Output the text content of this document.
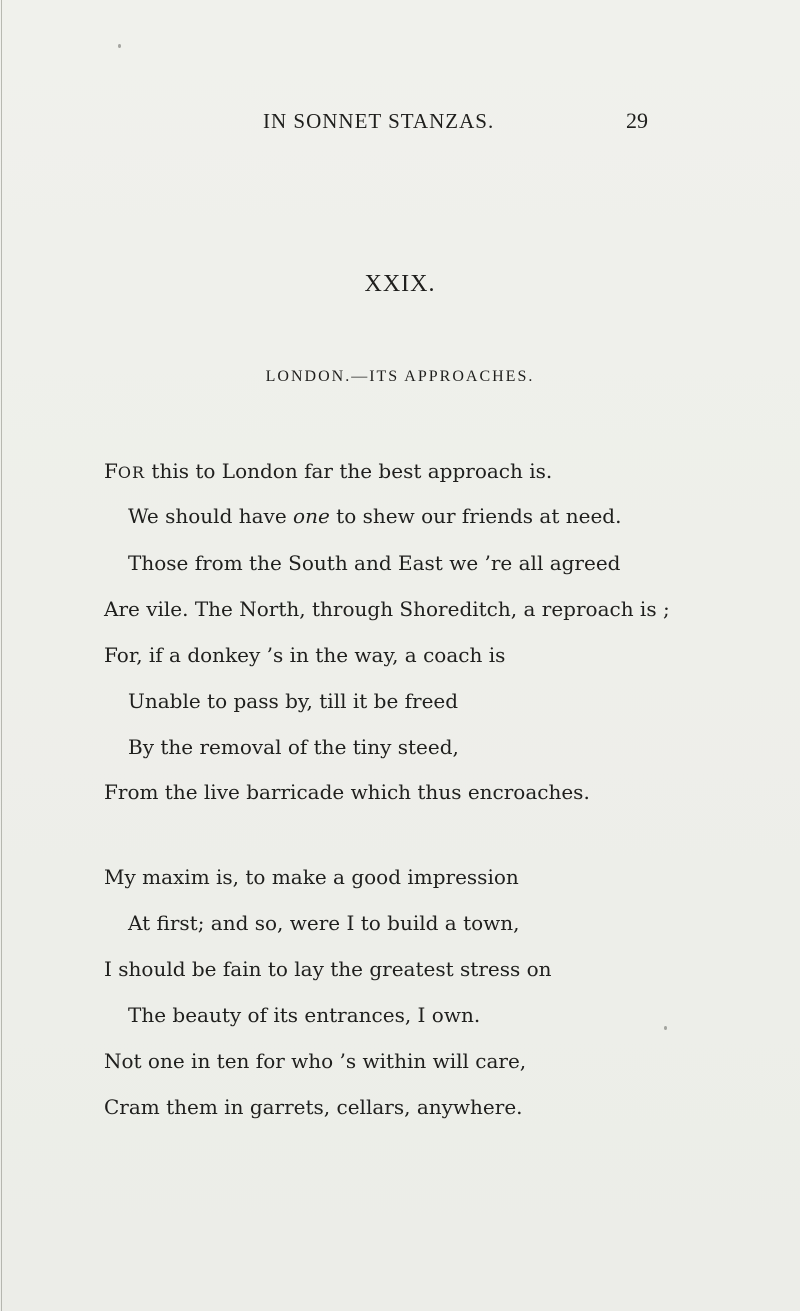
IN SONNET STANZAS.	29
XXIX.
LONDON.—ITS APPROACHES.
FOR this to London far the best approach is.
We should have one to shew our friends at need.
Those from the South and East we ’re all agreed
Are vile. The North, through Shoreditch, a reproach is ;
For, if a donkey ’s in the way, a coach is
Unable to pass by, till it be freed
By the removal of the tiny steed,
From the live barricade which thus encroaches.
My maxim is, to make a good impression
At first; and so, were I to build a town,
I should be fain to lay the greatest stress on
The beauty of its entrances, I own.
Not one in ten for who ’s within will care,
Cram them in garrets, cellars, anywhere.
